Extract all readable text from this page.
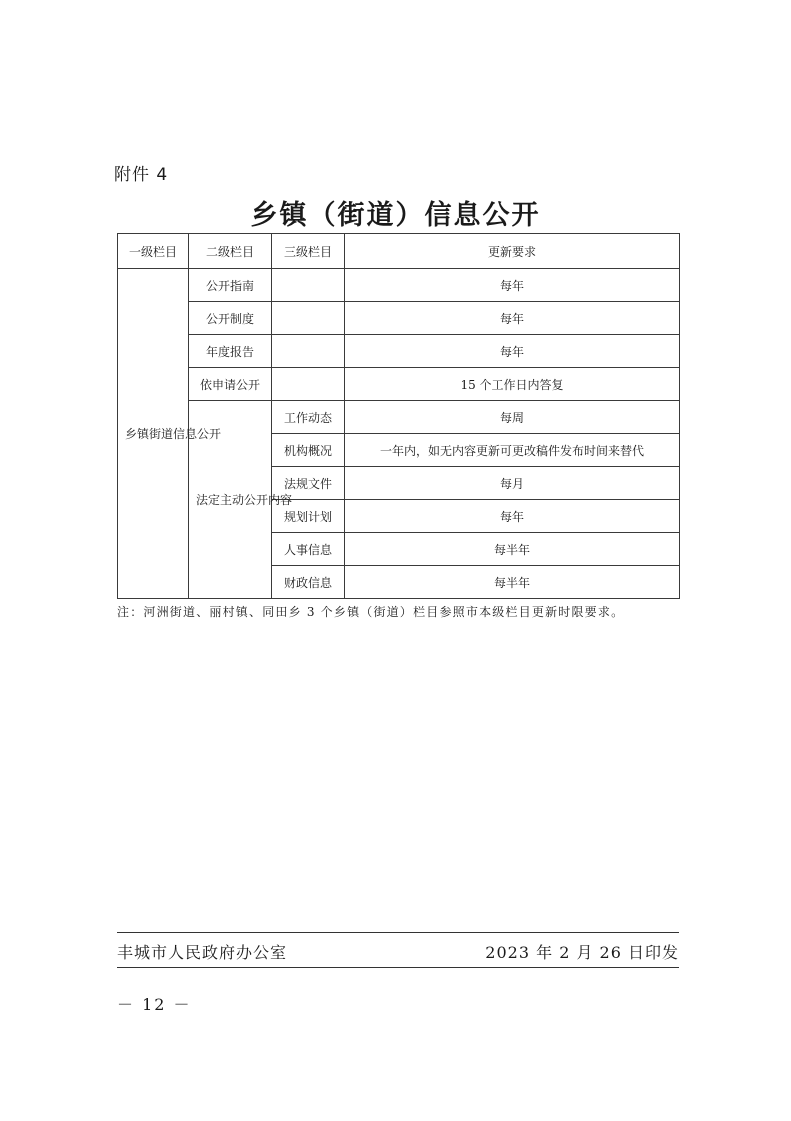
附件 4
乡镇（街道）信息公开
一级栏目	二级栏目	三级栏目	更新要求

乡镇街道信息公开	公开指南		每年
	公开制度		每年
	年度报告		每年
	依申请公开		15 个工作日内答复

	法定主动公开内容	工作动态	每周
		机构概况	一年内，如无内容更新可更改稿件发布时间来替代
		法规文件	每月
		规划计划	每年
		人事信息	每半年
		财政信息	每半年
注：河洲街道、丽村镇、同田乡 3 个乡镇（街道）栏目参照市本级栏目更新时限要求。
丰城市人民政府办公室	2023 年 2 月 26 日印发
－ 12 －
